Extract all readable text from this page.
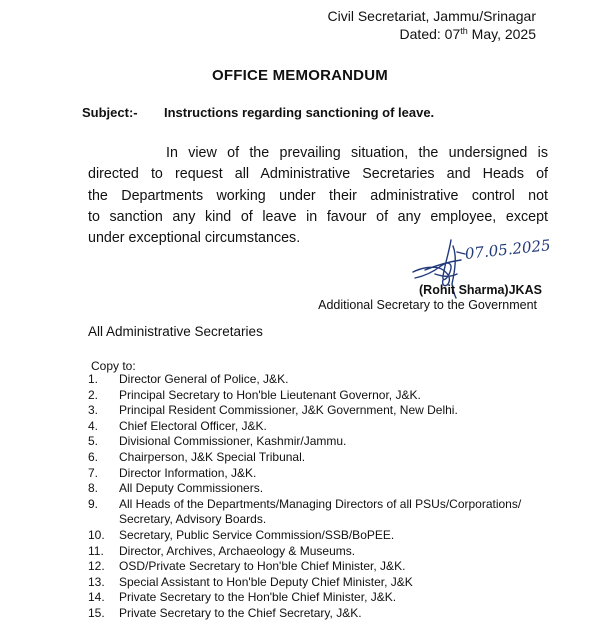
Civil Secretariat, Jammu/Srinagar
Dated: 07th May, 2025
OFFICE MEMORANDUM
Subject:- Instructions regarding sanctioning of leave.
In view of the prevailing situation, the undersigned is
directed to request all Administrative Secretaries and Heads of
the Departments working under their administrative control not
to sanction any kind of leave in favour of any employee, except
under exceptional circumstances.	07.05.2025
(Rohit Sharma)JKAS
Additional Secretary to the Government
All Administrative Secretaries
Copy to:
1.	Director General of Police, J&K.
2.	Principal Secretary to Hon'ble Lieutenant Governor, J&K.
3.	Principal Resident Commissioner, J&K Government, New Delhi.
4.	Chief Electoral Officer, J&K.
5.	Divisional Commissioner, Kashmir/Jammu.
6.	Chairperson, J&K Special Tribunal.
7.	Director Information, J&K.
8.	All Deputy Commissioners.
9.	All Heads of the Departments/Managing Directors of all PSUs/Corporations/
Secretary, Advisory Boards.
10.	Secretary, Public Service Commission/SSB/BoPEE.
11.	Director, Archives, Archaeology & Museums.
12.	OSD/Private Secretary to Hon'ble Chief Minister, J&K.
13.	Special Assistant to Hon'ble Deputy Chief Minister, J&K
14.	Private Secretary to the Hon'ble Chief Minister, J&K.
15.	Private Secretary to the Chief Secretary, J&K.
